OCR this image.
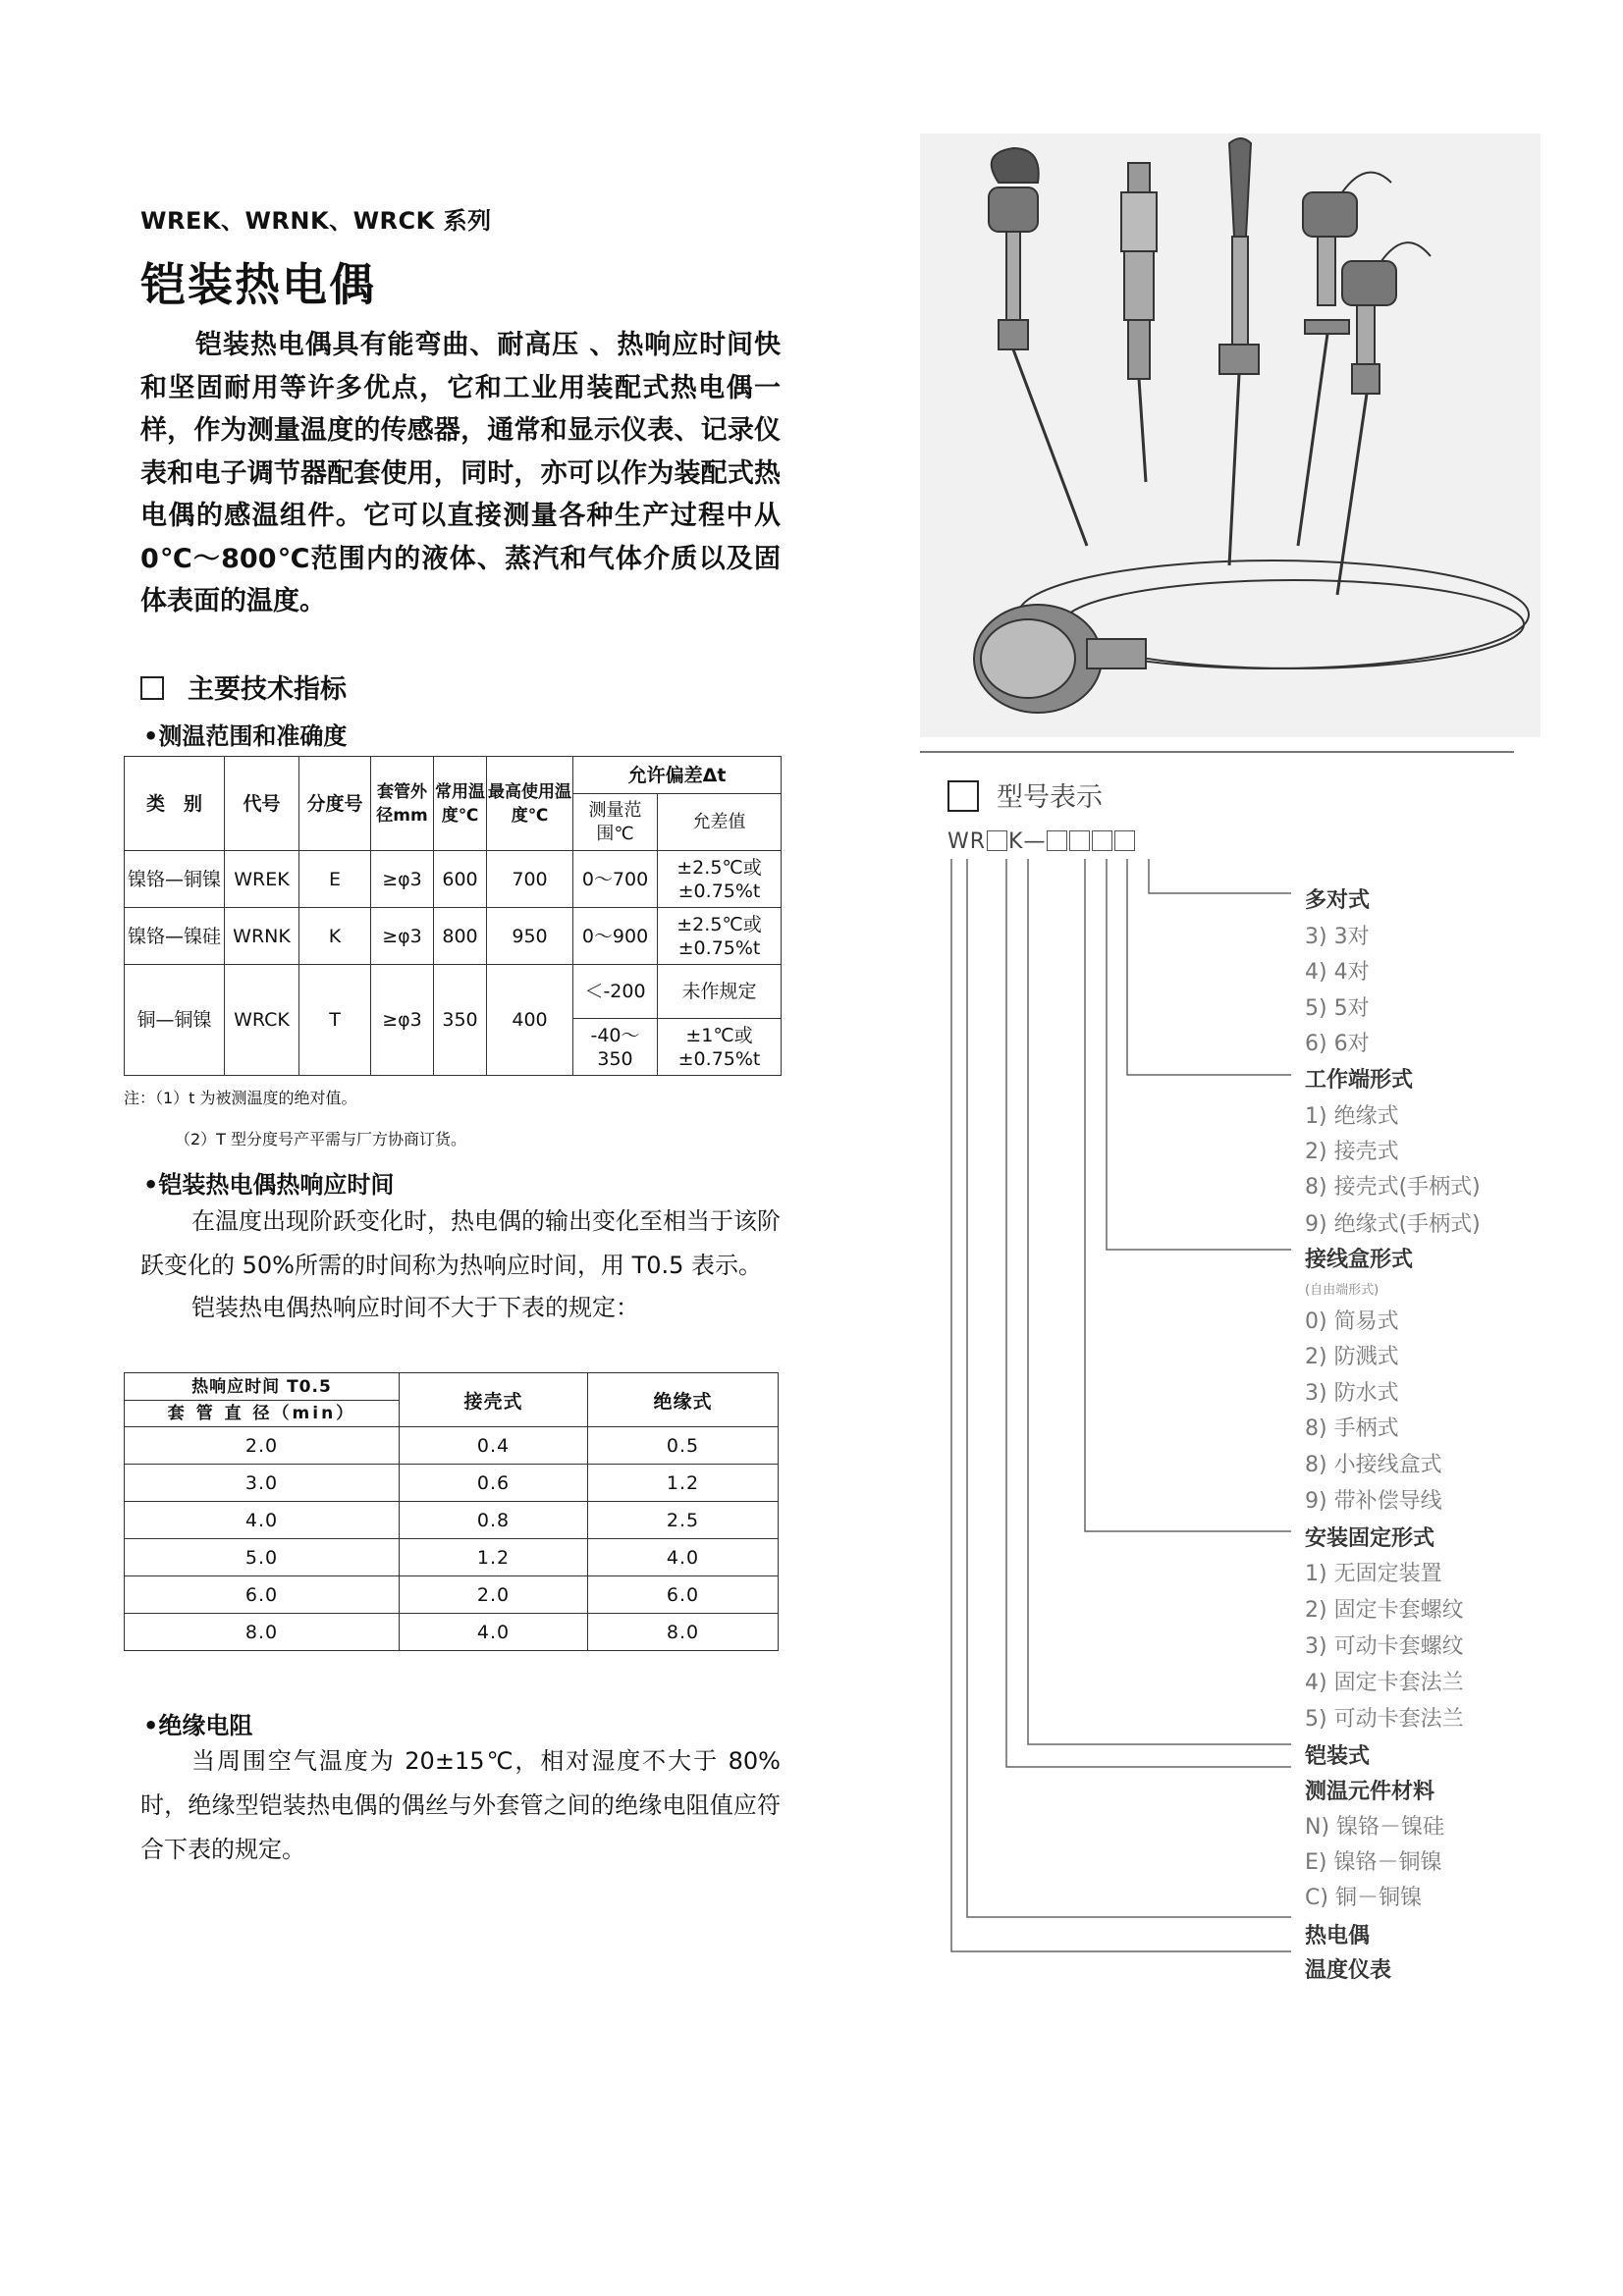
WREK、WRNK、WRCK 系列
铠装热电偶
铠装热电偶具有能弯曲、耐高压 、热响应时间快和坚固耐用等许多优点，它和工业用装配式热电偶一样，作为测量温度的传感器，通常和显示仪表、记录仪表和电子调节器配套使用，同时，亦可以作为装配式热电偶的感温组件。它可以直接测量各种生产过程中从 0℃～800℃范围内的液体、蒸汽和气体介质以及固体表面的温度。
主要技术指标
•测温范围和准确度
类　别	代号	分度号	套管外径mm	常用温度℃	最高使用温度℃	允许偏差Δt	
						测量范围℃	允差值
镍铬—铜镍	WREK	E	≥φ3	600	700	0～700	±2.5℃或±0.75%t
镍铬—镍硅	WRNK	K	≥φ3	800	950	0～900	±2.5℃或±0.75%t
铜—铜镍	WRCK	T	≥φ3	350	400	＜-200	未作规定
						-40～350	±1℃或±0.75%t
注：（1）t 为被测温度的绝对值。
（2）T 型分度号产平需与厂方协商订货。
•铠装热电偶热响应时间
在温度出现阶跃变化时，热电偶的输出变化至相当于该阶跃变化的 50%所需的时间称为热响应时间，用 T0.5 表示。
铠装热电偶热响应时间不大于下表的规定：
热响应时间 T0.5
套 管 直 径（min）	接壳式	绝缘式
2.0	0.4	0.5
3.0	0.6	1.2
4.0	0.8	2.5
5.0	1.2	4.0
6.0	2.0	6.0
8.0	4.0	8.0
•绝缘电阻
当周围空气温度为 20±15℃，相对湿度不大于 80%时，绝缘型铠装热电偶的偶丝与外套管之间的绝缘电阻值应符合下表的规定。
型号表示
WR K—
多对式
3) 3对
4) 4对
5) 5对
6) 6对
工作端形式
1) 绝缘式
2) 接壳式
8) 接壳式(手柄式)
9) 绝缘式(手柄式)
接线盒形式
(自由端形式)
0) 简易式
2) 防溅式
3) 防水式
8) 手柄式
8) 小接线盒式
9) 带补偿导线
安装固定形式
1) 无固定装置
2) 固定卡套螺纹
3) 可动卡套螺纹
4) 固定卡套法兰
5) 可动卡套法兰
铠装式
测温元件材料
N) 镍铬－镍硅
E) 镍铬－铜镍
C) 铜－铜镍
热电偶
温度仪表
